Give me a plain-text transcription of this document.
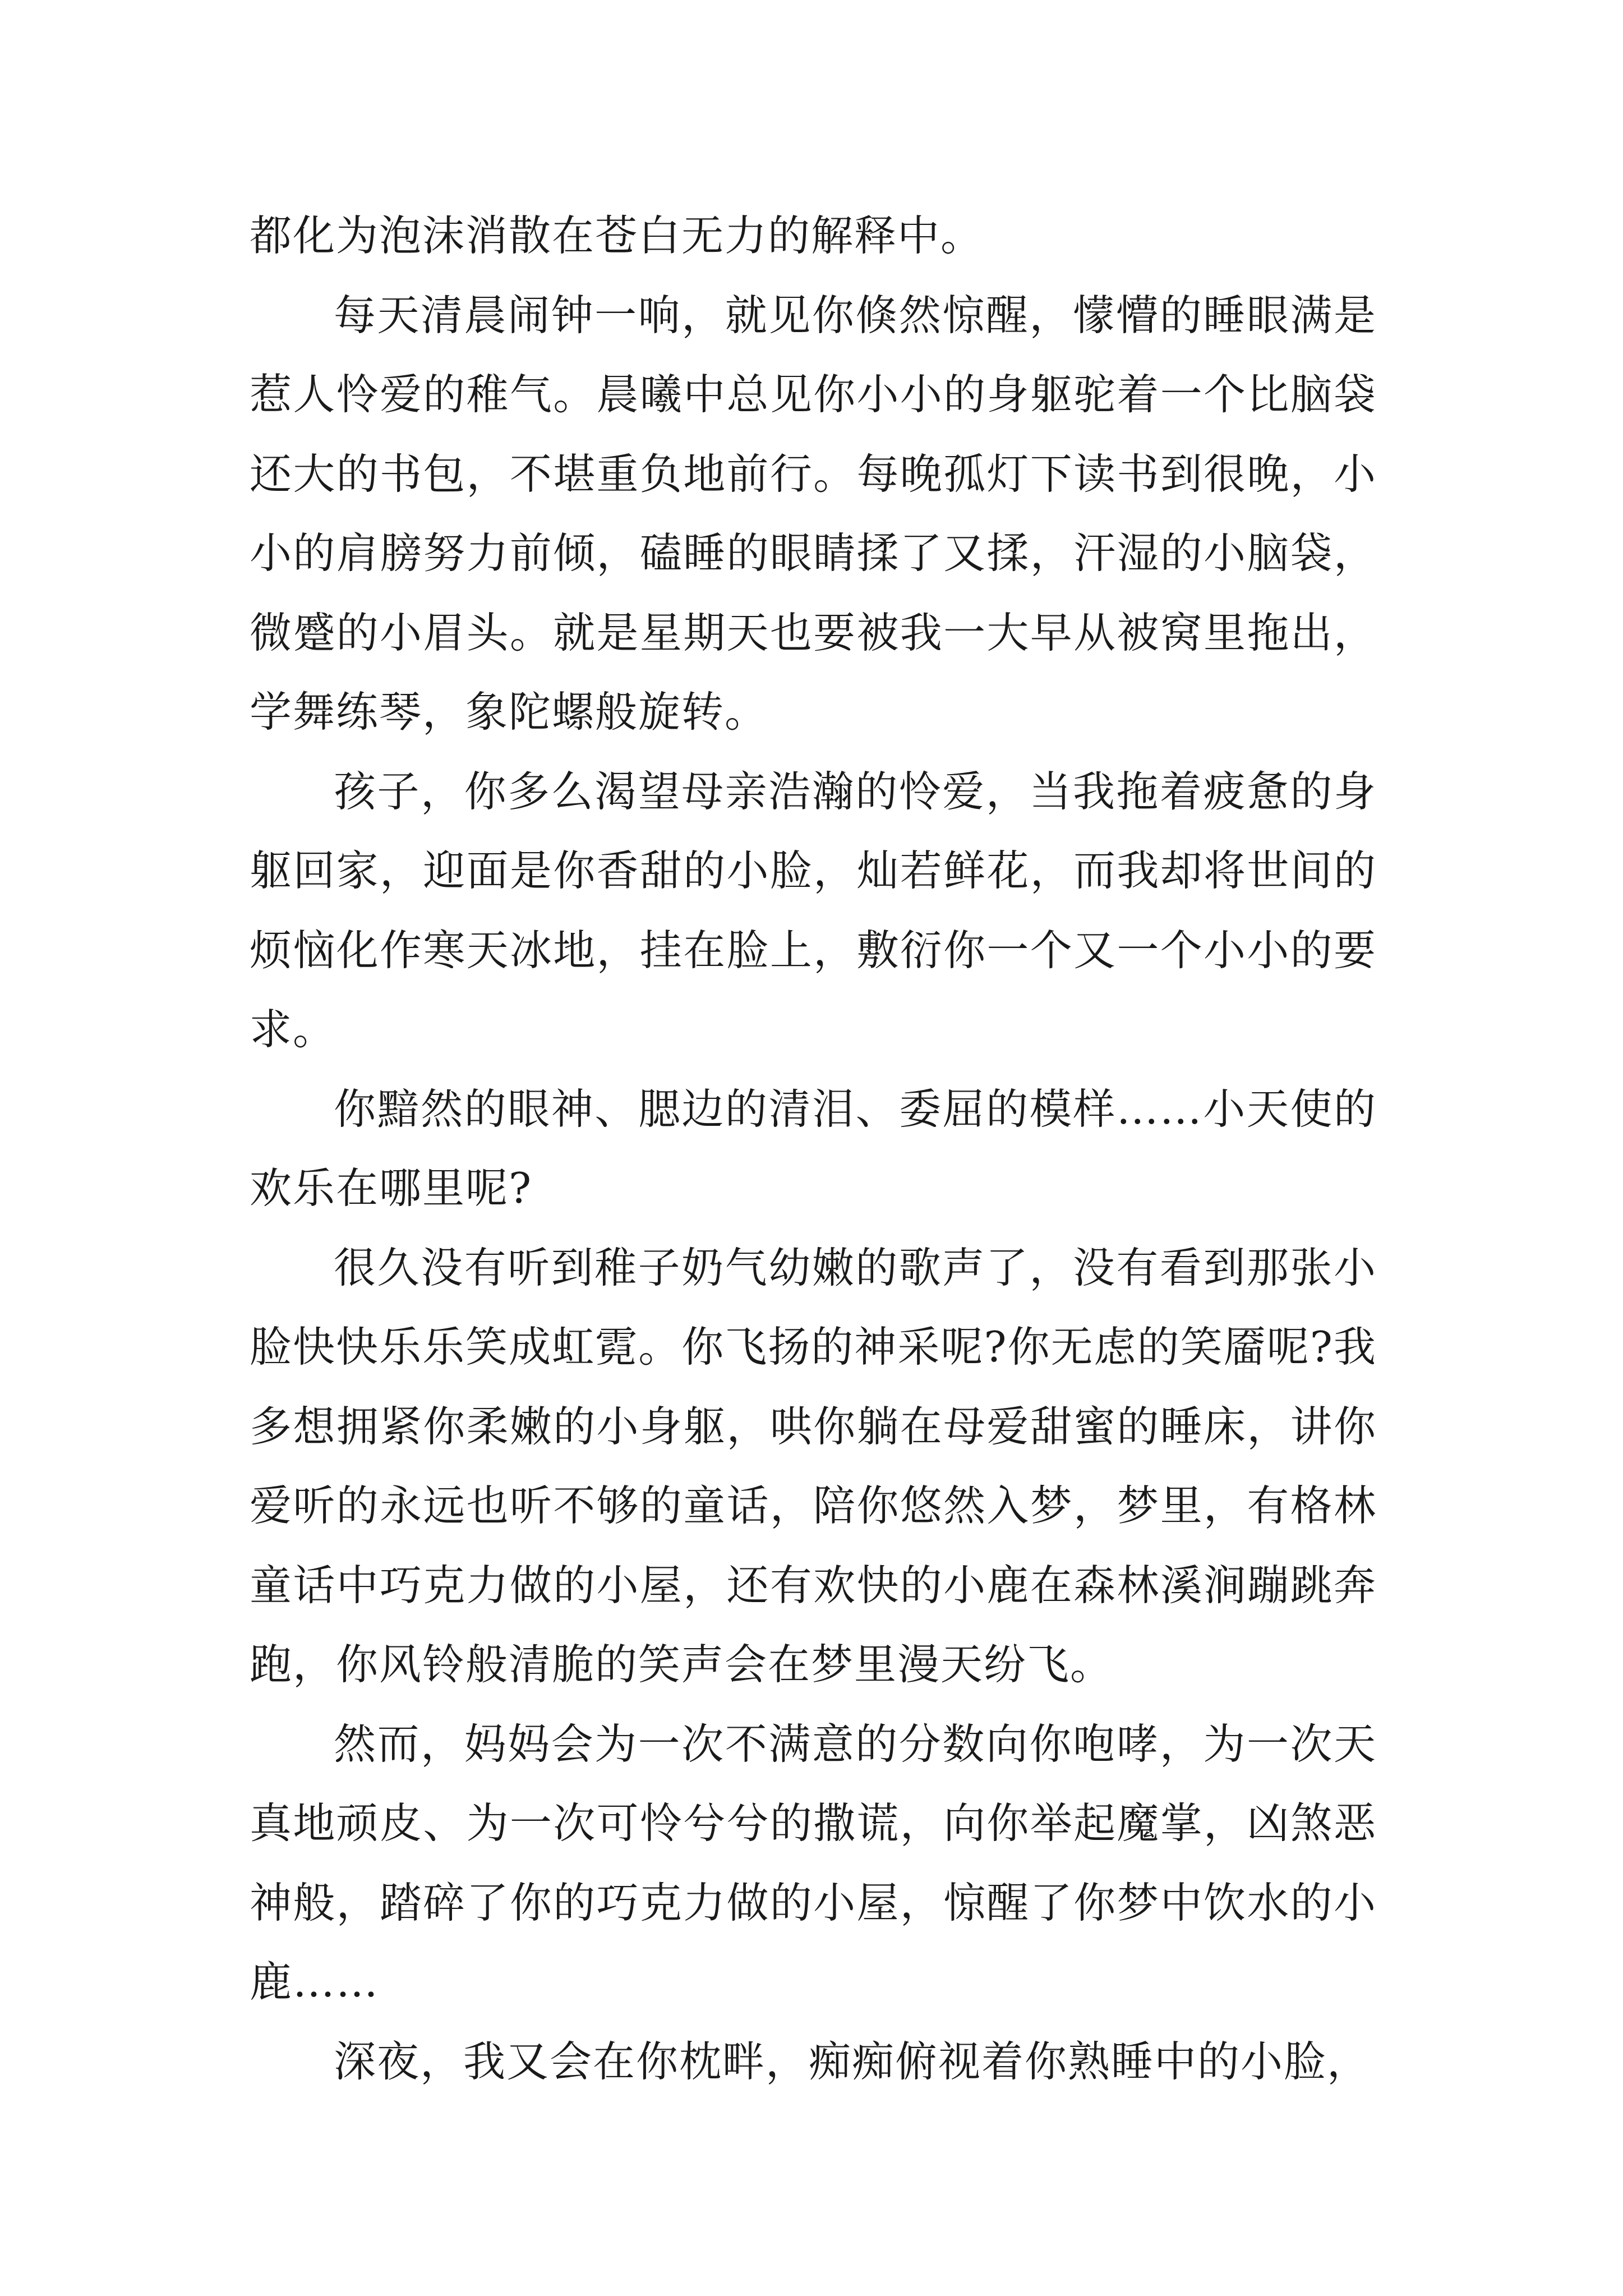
都化为泡沫消散在苍白无力的解释中。

每天清晨闹钟一响，就见你倏然惊醒，懞懵的睡眼满是惹人怜爱的稚气。晨曦中总见你小小的身躯驼着一个比脑袋还大的书包，不堪重负地前行。每晚孤灯下读书到很晚，小小的肩膀努力前倾，磕睡的眼睛揉了又揉，汗湿的小脑袋，微蹙的小眉头。就是星期天也要被我一大早从被窝里拖出，学舞练琴，象陀螺般旋转。

孩子，你多么渴望母亲浩瀚的怜爱，当我拖着疲惫的身躯回家，迎面是你香甜的小脸，灿若鲜花，而我却将世间的烦恼化作寒天冰地，挂在脸上，敷衍你一个又一个小小的要求。

你黯然的眼神、腮边的清泪、委屈的模样……小天使的欢乐在哪里呢?

很久没有听到稚子奶气幼嫩的歌声了，没有看到那张小脸快快乐乐笑成虹霓。你飞扬的神采呢?你无虑的笑靥呢?我多想拥紧你柔嫩的小身躯，哄你躺在母爱甜蜜的睡床，讲你爱听的永远也听不够的童话，陪你悠然入梦，梦里，有格林童话中巧克力做的小屋，还有欢快的小鹿在森林溪涧蹦跳奔跑，你风铃般清脆的笑声会在梦里漫天纷飞。

然而，妈妈会为一次不满意的分数向你咆哮，为一次天真地顽皮、为一次可怜兮兮的撒谎，向你举起魔掌，凶煞恶神般，踏碎了你的巧克力做的小屋，惊醒了你梦中饮水的小鹿……

深夜，我又会在你枕畔，痴痴俯视着你熟睡中的小脸，
